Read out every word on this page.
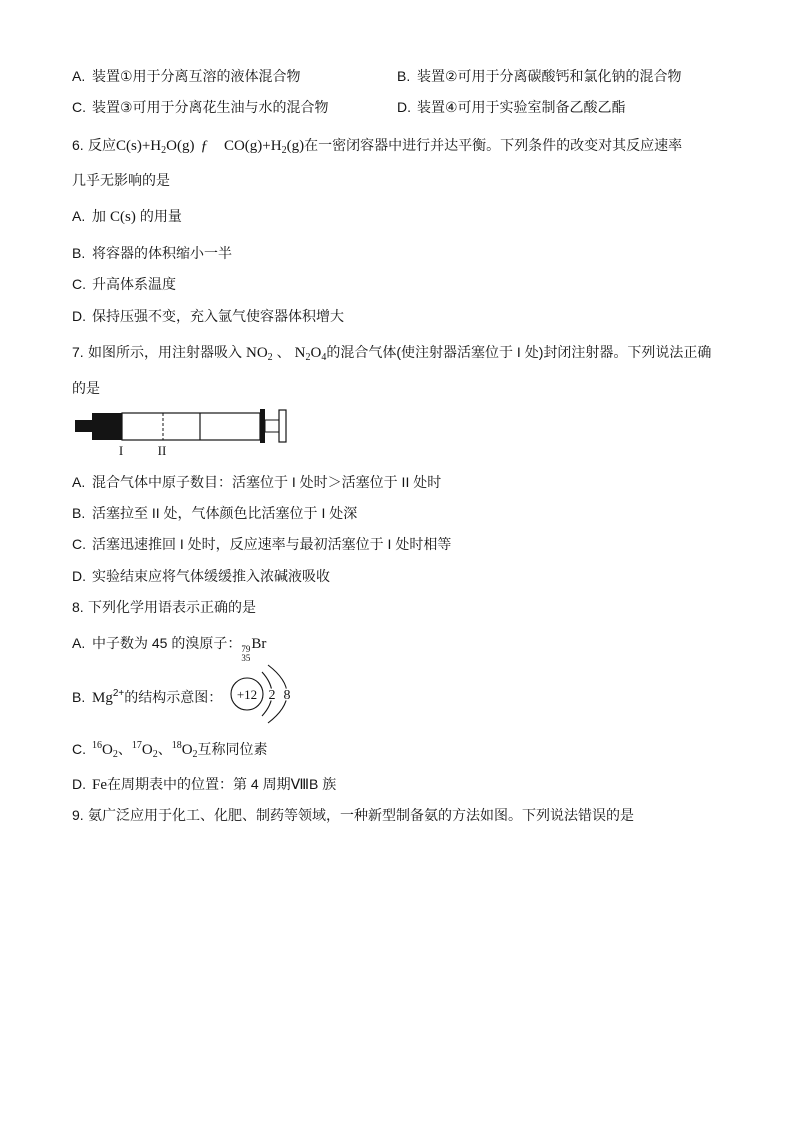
A. 装置①用于分离互溶的液体混合物	B. 装置②可用于分离碳酸钙和氯化钠的混合物
C. 装置③可用于分离花生油与水的混合物	D. 装置④可用于实验室制备乙酸乙酯
6. 反应$C(s)+H_2O(g)$ ƒ $CO(g)+H_2(g)$在一密闭容器中进行并达平衡。下列条件的改变对其反应速率
几乎无影响的是
A. 加 C(s) 的用量
B. 将容器的体积缩小一半
C. 升高体系温度
D. 保持压强不变，充入氩气使容器体积增大
7. 如图所示，用注射器吸入 $NO_2$ 、 $N_2O_4$的混合气体(使注射器活塞位于 I 处)封闭注射器。下列说法正确
的是
I	II
A. 混合气体中原子数目：活塞位于 I 处时＞活塞位于 II 处时
B. 活塞拉至 II 处，气体颜色比活塞位于 I 处深
C. 活塞迅速推回 I 处时，反应速率与最初活塞位于 I 处时相等
D. 实验结束应将气体缓缓推入浓碱液吸收
8. 下列化学用语表示正确的是
A. 中子数为 45 的溴原子： 79
35
Br
B. $Mg^{2+}$的结构示意图： +12 2 8
C. $^{16}O_2$、$^{17}O_2$、$^{18}O_2$互称同位素
D. Fe在周期表中的位置：第 4 周期ⅧB 族
9. 氨广泛应用于化工、化肥、制药等领域，一种新型制备氨的方法如图。下列说法错误的是
